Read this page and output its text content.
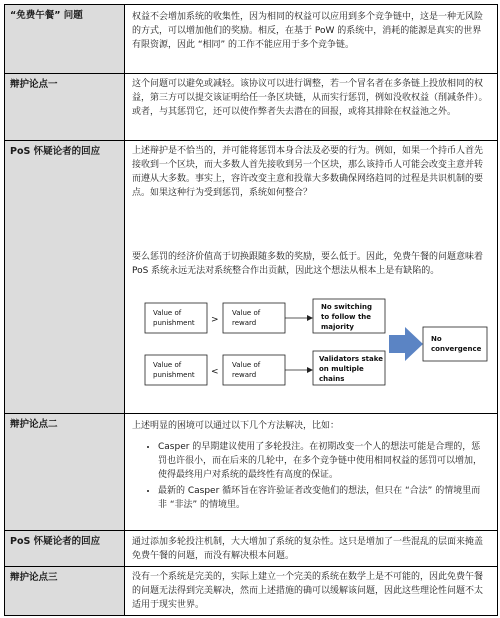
“免费午餐” 问题	权益不会增加系统的收集性，因为相同的权益可以应用到多个竞争链中，这是一种无风险的方式，可以增加他们的奖励。相反，在基于 PoW 的系统中，消耗的能源是真实的世界有限资源，因此 “相同” 的工作不能应用于多个竞争链。
辩护论点一	这个问题可以避免或减轻。该协议可以进行调整，若一个冒名者在多条链上投放相同的权益，第三方可以提交该证明给任一条区块链，从而实行惩罚，例如没收权益（削减条件）。或者，与其惩罚它，还可以使作弊者失去潜在的回报，或将其排除在权益池之外。
PoS 怀疑论者的回应	上述辩护是不恰当的，并可能将惩罚本身合法及必要的行为。例如，如果一个持币人首先接收到一个区块，而大多数人首先接收到另一个区块，那么该持币人可能会改变主意并转而遵从大多数。事实上，容许改变主意和投靠大多数确保网络趋同的过程是共识机制的要点。如果这种行为受到惩罚，系统如何整合？
要么惩罚的经济价值高于切换跟随多数的奖励，要么低于。因此，免费午餐的问题意味着 PoS 系统永远无法对系统整合作出贡献，因此这个想法从根本上是有缺陷的。
Value of punishment >
Value of reward
No switching to follow the majority
Value of punishment <
Value of reward
Validators stake on multiple chains
No convergence
辩护论点二	上述明显的困境可以通过以下几个方法解决，比如：
• Casper 的早期建议使用了多轮投注。在初期改变一个人的想法可能是合理的，惩罚也许很小，而在后来的几轮中，在多个竞争链中使用相同权益的惩罚可以增加，使得最终用户对系统的最终性有高度的保证。
• 最新的 Casper 循环旨在容许验证者改变他们的想法，但只在 “合法” 的情境里而非 “非法” 的情境里。
PoS 怀疑论者的回应	通过添加多轮投注机制，大大增加了系统的复杂性。这只是增加了一些混乱的层面来掩盖免费午餐的问题，而没有解决根本问题。
辩护论点三	没有一个系统是完美的，实际上建立一个完美的系统在数学上是不可能的，因此免费午餐的问题无法得到完美解决，然而上述措施的确可以缓解该问题，因此这些理论性问题不太适用于现实世界。
